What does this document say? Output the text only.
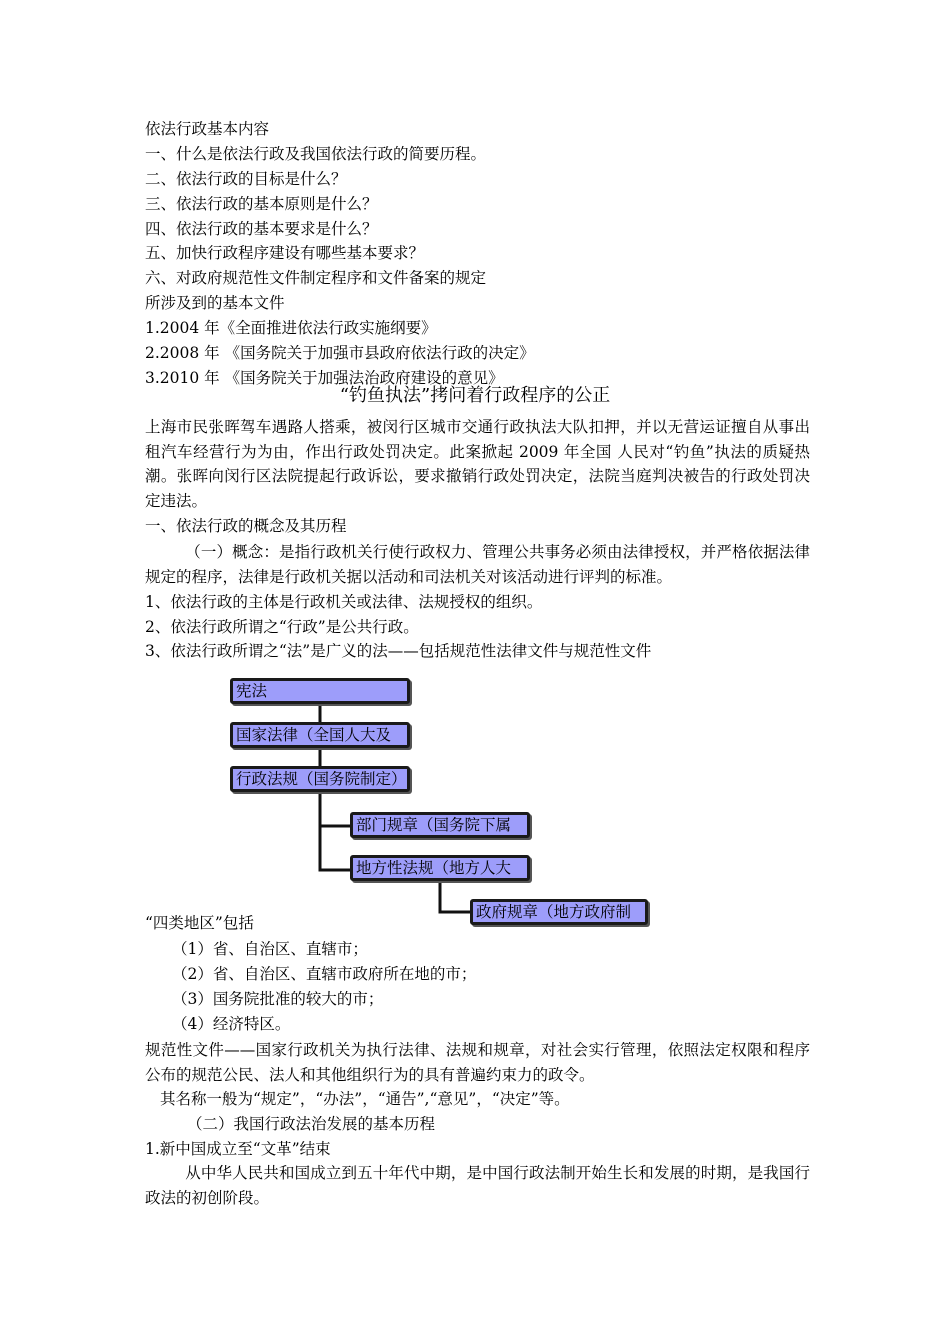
依法行政基本内容
一、什么是依法行政及我国依法行政的简要历程。
二、依法行政的目标是什么？
三、依法行政的基本原则是什么？
四、依法行政的基本要求是什么？
五、加快行政程序建设有哪些基本要求？
六、对政府规范性文件制定程序和文件备案的规定
所涉及到的基本文件
1.2004 年《全面推进依法行政实施纲要》
2.2008 年 《国务院关于加强市县政府依法行政的决定》
3.2010 年 《国务院关于加强法治政府建设的意见》
“钓鱼执法”拷问着行政程序的公正
上海市民张晖驾车遇路人搭乘，被闵行区城市交通行政执法大队扣押，并以无营运证擅自从事出租汽车经营行为为由，作出行政处罚决定。此案掀起 2009 年全国 人民对“钓鱼”执法的质疑热潮。张晖向闵行区法院提起行政诉讼，要求撤销行政处罚决定，法院当庭判决被告的行政处罚决定违法。
一、依法行政的概念及其历程
（一）概念：是指行政机关行使行政权力、管理公共事务必须由法律授权，并严格依据法律规定的程序，法律是行政机关据以活动和司法机关对该活动进行评判的标准。
1、依法行政的主体是行政机关或法律、法规授权的组织。
2、依法行政所谓之“行政”是公共行政。
3、依法行政所谓之“法”是广义的法——包括规范性法律文件与规范性文件
宪法
国家法律（全国人大及
行政法规（国务院制定）
部门规章（国务院下属
地方性法规（地方人大
政府规章（地方政府制
“四类地区”包括
（1）省、自治区、直辖市；
（2）省、自治区、直辖市政府所在地的市；
（3）国务院批准的较大的市；
（4）经济特区。
规范性文件——国家行政机关为执行法律、法规和规章，对社会实行管理，依照法定权限和程序公布的规范公民、法人和其他组织行为的具有普遍约束力的政令。
其名称一般为“规定”，“办法”，“通告”,“意见”，“决定”等。
（二）我国行政法治发展的基本历程
1.新中国成立至“文革”结束
从中华人民共和国成立到五十年代中期，是中国行政法制开始生长和发展的时期，是我国行政法的初创阶段。
